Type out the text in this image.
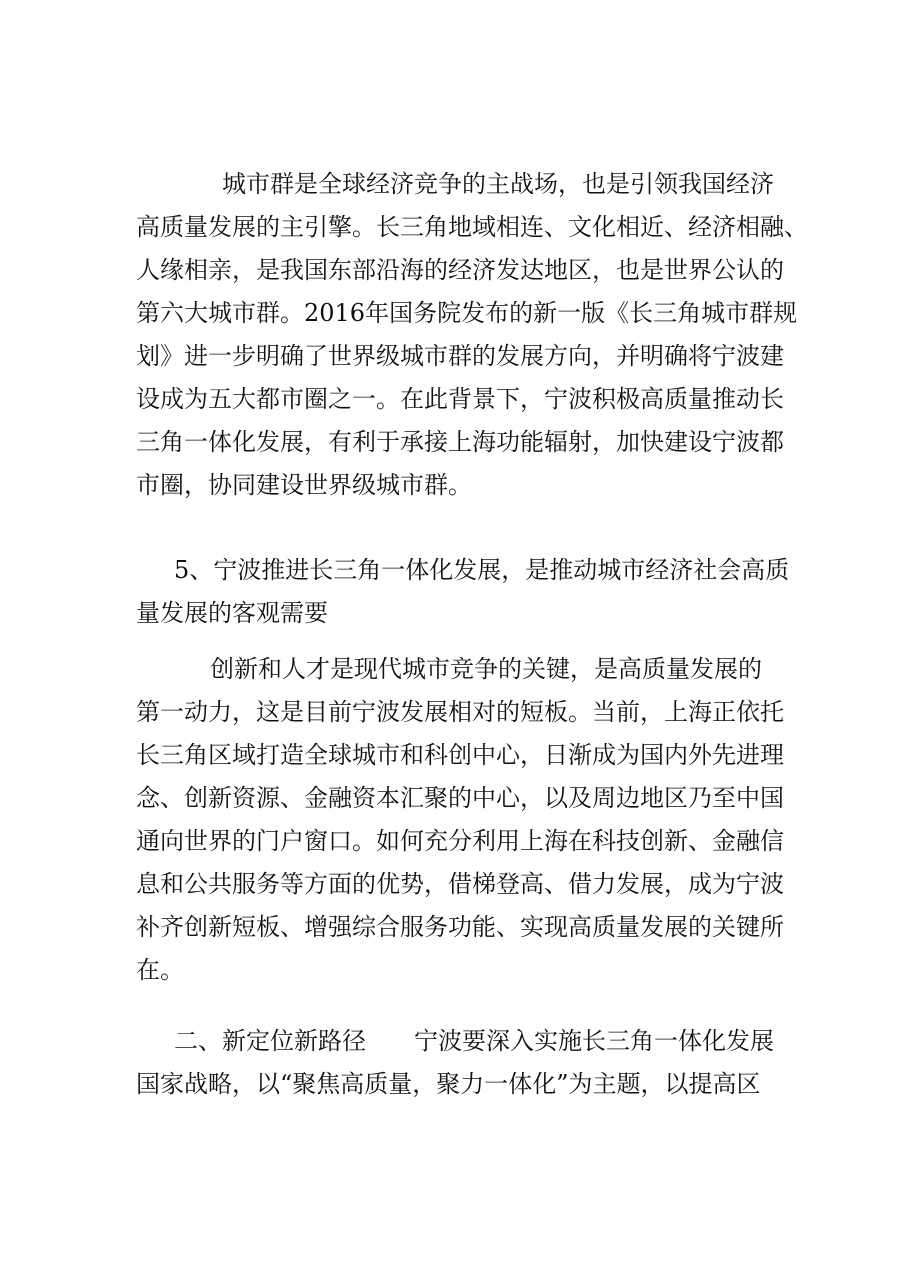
城市群是全球经济竞争的主战场，也是引领我国经济
高质量发展的主引擎。长三角地域相连、文化相近、经济相融、
人缘相亲，是我国东部沿海的经济发达地区，也是世界公认的
第六大城市群。2016年国务院发布的新一版《长三角城市群规
划》进一步明确了世界级城市群的发展方向，并明确将宁波建
设成为五大都市圈之一。在此背景下，宁波积极高质量推动长
三角一体化发展，有利于承接上海功能辐射，加快建设宁波都
市圈，协同建设世界级城市群。
5、宁波推进长三角一体化发展，是推动城市经济社会高质
量发展的客观需要
创新和人才是现代城市竞争的关键，是高质量发展的
第一动力，这是目前宁波发展相对的短板。当前，上海正依托
长三角区域打造全球城市和科创中心，日渐成为国内外先进理
念、创新资源、金融资本汇聚的中心，以及周边地区乃至中国
通向世界的门户窗口。如何充分利用上海在科技创新、金融信
息和公共服务等方面的优势，借梯登高、借力发展，成为宁波
补齐创新短板、增强综合服务功能、实现高质量发展的关键所
在。
二、新定位新路径　　宁波要深入实施长三角一体化发展
国家战略，以“聚焦高质量，聚力一体化”为主题，以提高区
